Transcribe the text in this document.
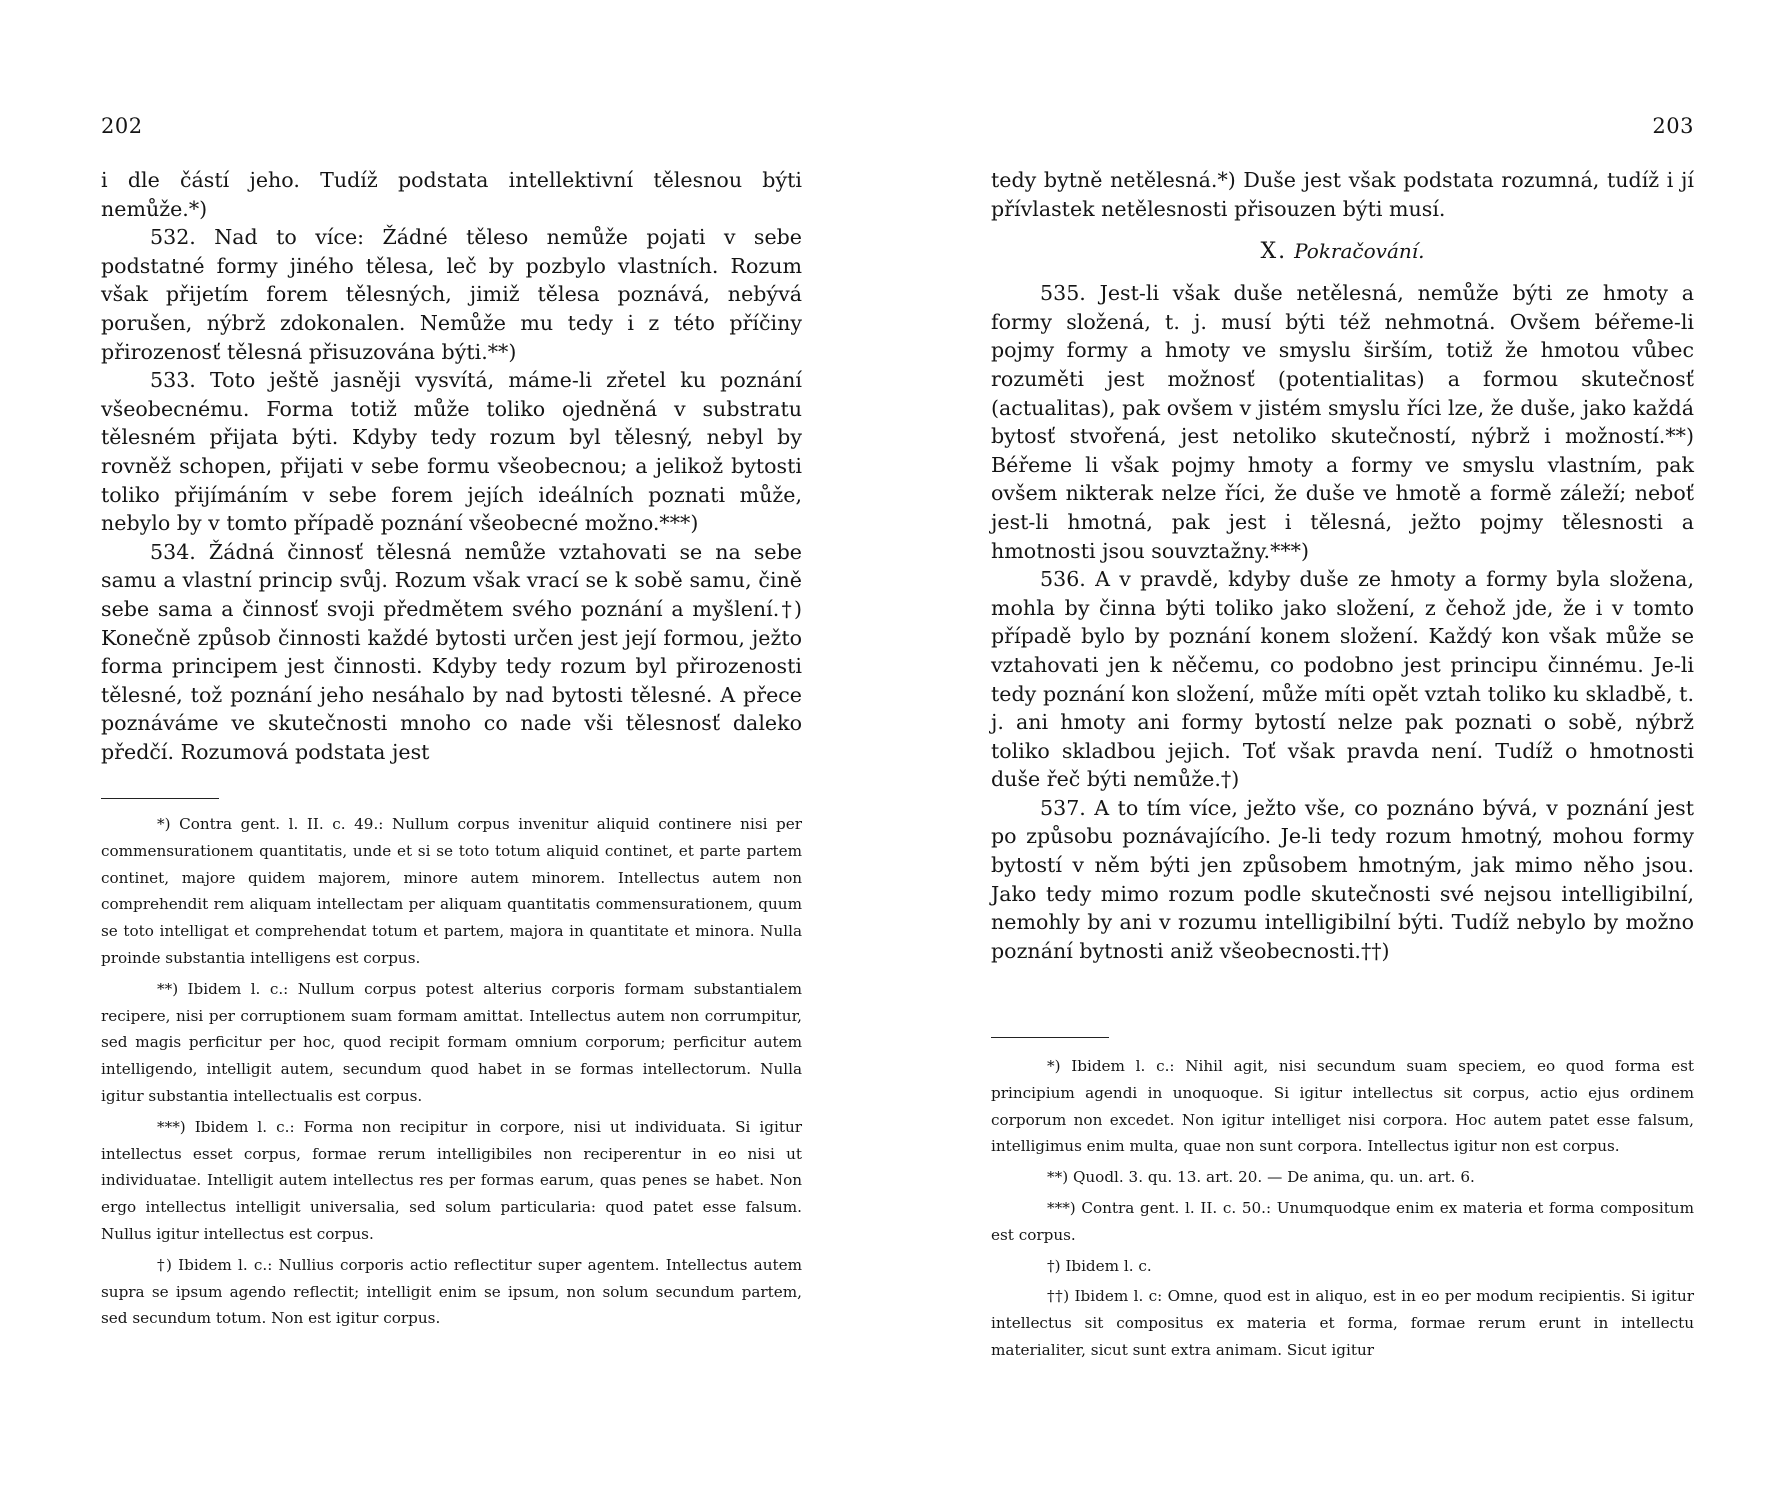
202

i dle částí jeho. Tudíž podstata intellektivní tělesnou býti nemůže.*)

532. Nad to více: Žádné těleso nemůže pojati v sebe podstatné formy jiného tělesa, leč by pozbylo vlastních. Rozum však přijetím forem tělesných, jimiž tělesa poznává, nebývá porušen, nýbrž zdokonalen. Nemůže mu tedy i z této příčiny přirozenosť tělesná přisuzována býti.**)

533. Toto ještě jasněji vysvítá, máme-li zřetel ku poznání všeobecnému. Forma totiž může toliko ojedněná v substratu tělesném přijata býti. Kdyby tedy rozum byl tělesný, nebyl by rovněž schopen, přijati v sebe formu všeobecnou; a jelikož bytosti toliko přijímáním v sebe forem jejích ideálních poznati může, nebylo by v tomto případě poznání všeobecné možno.***)

534. Žádná činnosť tělesná nemůže vztahovati se na sebe samu a vlastní princip svůj. Rozum však vrací se k sobě samu, čině sebe sama a činnosť svoji předmětem svého poznání a myšlení.†) Konečně způsob činnosti každé bytosti určen jest její formou, ježto forma principem jest činnosti. Kdyby tedy rozum byl přirozenosti tělesné, tož poznání jeho nesáhalo by nad bytosti tělesné. A přece poznáváme ve skutečnosti mnoho co nade vši tělesnosť daleko předčí. Rozumová podstata jest

*) Contra gent. l. II. c. 49.: Nullum corpus invenitur aliquid continere nisi per commensurationem quantitatis, unde et si se toto totum aliquid continet, et parte partem continet, majore quidem majorem, minore autem minorem. Intellectus autem non comprehendit rem aliquam intellectam per aliquam quantitatis commensurationem, quum se toto intelligat et comprehendat totum et partem, majora in quantitate et minora. Nulla proinde substantia intelligens est corpus.

**) Ibidem l. c.: Nullum corpus potest alterius corporis formam substantialem recipere, nisi per corruptionem suam formam amittat. Intellectus autem non corrumpitur, sed magis perficitur per hoc, quod recipit formam omnium corporum; perficitur autem intelligendo, intelligit autem, secundum quod habet in se formas intellectorum. Nulla igitur substantia intellectualis est corpus.

***) Ibidem l. c.: Forma non recipitur in corpore, nisi ut individuata. Si igitur intellectus esset corpus, formae rerum intelligibiles non reciperentur in eo nisi ut individuatae. Intelligit autem intellectus res per formas earum, quas penes se habet. Non ergo intellectus intelligit universalia, sed solum particularia: quod patet esse falsum. Nullus igitur intellectus est corpus.

†) Ibidem l. c.: Nullius corporis actio reflectitur super agentem. Intellectus autem supra se ipsum agendo reflectit; intelligit enim se ipsum, non solum secundum partem, sed secundum totum. Non est igitur corpus.

203

tedy bytně netělesná.*) Duše jest však podstata rozumná, tudíž i jí přívlastek netělesnosti přisouzen býti musí.

X. Pokračování.

535. Jest-li však duše netělesná, nemůže býti ze hmoty a formy složená, t. j. musí býti též nehmotná. Ovšem béřeme-li pojmy formy a hmoty ve smyslu širším, totiž že hmotou vůbec rozuměti jest možnosť (potentialitas) a formou skutečnosť (actualitas), pak ovšem v jistém smyslu říci lze, že duše, jako každá bytosť stvořená, jest netoliko skutečností, nýbrž i možností.**) Béřeme li však pojmy hmoty a formy ve smyslu vlastním, pak ovšem nikterak nelze říci, že duše ve hmotě a formě záleží; neboť jest-li hmotná, pak jest i tělesná, ježto pojmy tělesnosti a hmotnosti jsou souvztažny.***)

536. A v pravdě, kdyby duše ze hmoty a formy byla složena, mohla by činna býti toliko jako složení, z čehož jde, že i v tomto případě bylo by poznání konem složení. Každý kon však může se vztahovati jen k něčemu, co podobno jest principu činnému. Je-li tedy poznání kon složení, může míti opět vztah toliko ku skladbě, t. j. ani hmoty ani formy bytostí nelze pak poznati o sobě, nýbrž toliko skladbou jejich. Toť však pravda není. Tudíž o hmotnosti duše řeč býti nemůže.†)

537. A to tím více, ježto vše, co poznáno bývá, v poznání jest po způsobu poznávajícího. Je-li tedy rozum hmotný, mohou formy bytostí v něm býti jen způsobem hmotným, jak mimo něho jsou. Jako tedy mimo rozum podle skutečnosti své nejsou intelligibilní, nemohly by ani v rozumu intelligibilní býti. Tudíž nebylo by možno poznání bytnosti aniž všeobecnosti.††)

*) Ibidem l. c.: Nihil agit, nisi secundum suam speciem, eo quod forma est principium agendi in unoquoque. Si igitur intellectus sit corpus, actio ejus ordinem corporum non excedet. Non igitur intelliget nisi corpora. Hoc autem patet esse falsum, intelligimus enim multa, quae non sunt corpora. Intellectus igitur non est corpus.

**) Quodl. 3. qu. 13. art. 20. — De anima, qu. un. art. 6.

***) Contra gent. l. II. c. 50.: Unumquodque enim ex materia et forma compositum est corpus.

†) Ibidem l. c.

††) Ibidem l. c: Omne, quod est in aliquo, est in eo per modum recipientis. Si igitur intellectus sit compositus ex materia et forma, formae rerum erunt in intellectu materialiter, sicut sunt extra animam. Sicut igitur
